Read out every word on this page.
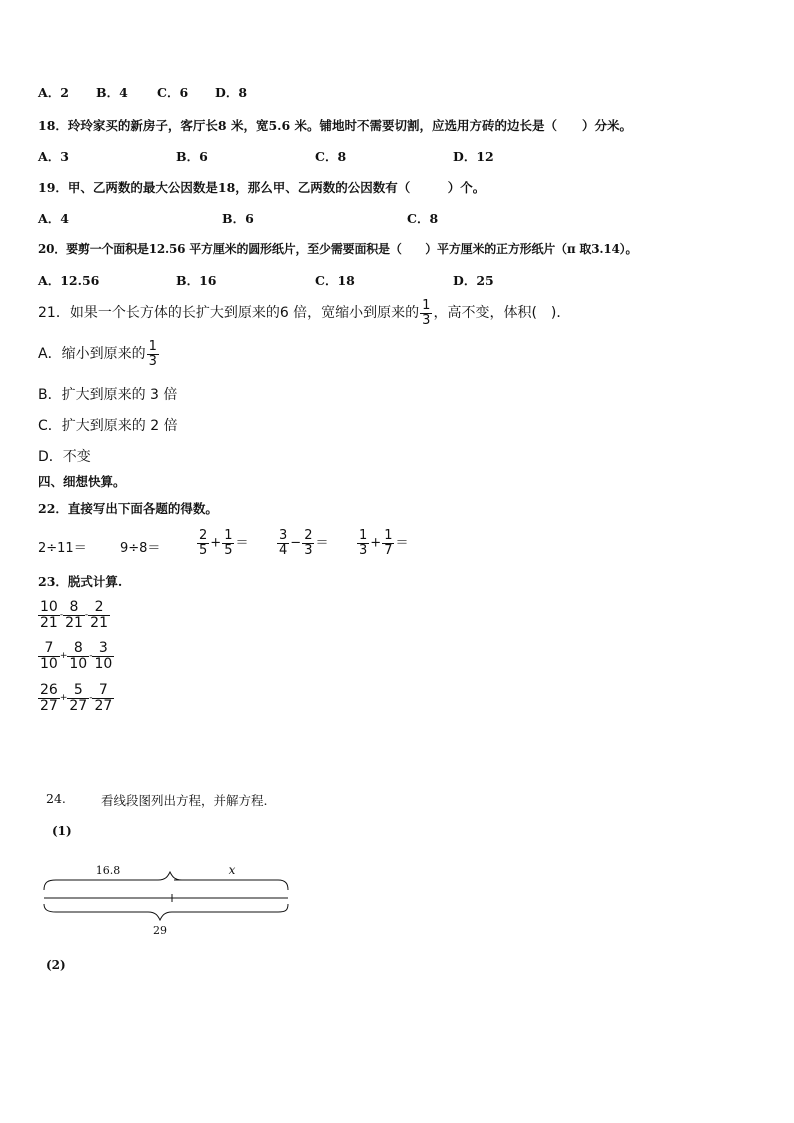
A．2 B．4 C．6 D．8
18．玲玲家买的新房子，客厅长8 米，宽5.6 米。铺地时不需要切割，应选用方砖的边长是（　　）分米。
A．3	B．6	C．8	D．12
19．甲、乙两数的最大公因数是18，那么甲、乙两数的公因数有（　　　）个。
A．4	B．6	C．8
20．要剪一个面积是12.56 平方厘米的圆形纸片，至少需要面积是（　　）平方厘米的正方形纸片（π 取3.14）。
A．12.56	B．16	C．18	D．25
21．如果一个长方体的长扩大到原来的6 倍，宽缩小到原来的 $\frac{1}{3}$ ，高不变，体积(　)．
A．缩小到原来的 $\frac{1}{3}$
B．扩大到原来的 3 倍
C．扩大到原来的 2 倍
D．不变
四、细想快算。
22．直接写出下面各题的得数。
2÷11＝	9÷8＝	$\frac{2}{5} + \frac{1}{5} = \frac{3}{4} - \frac{2}{3} = \frac{1}{3} + \frac{1}{7}$ ＝
23．脱式计算.
$\frac{10}{21} - \frac{8}{21} - \frac{2}{21}$
$\frac{7}{10} + \frac{8}{10} - \frac{3}{10}$
$\frac{26}{27} + \frac{5}{27} - \frac{7}{27}$
24.	看线段图列出方程，并解方程.
(1)
16.8	x
29
(2)
